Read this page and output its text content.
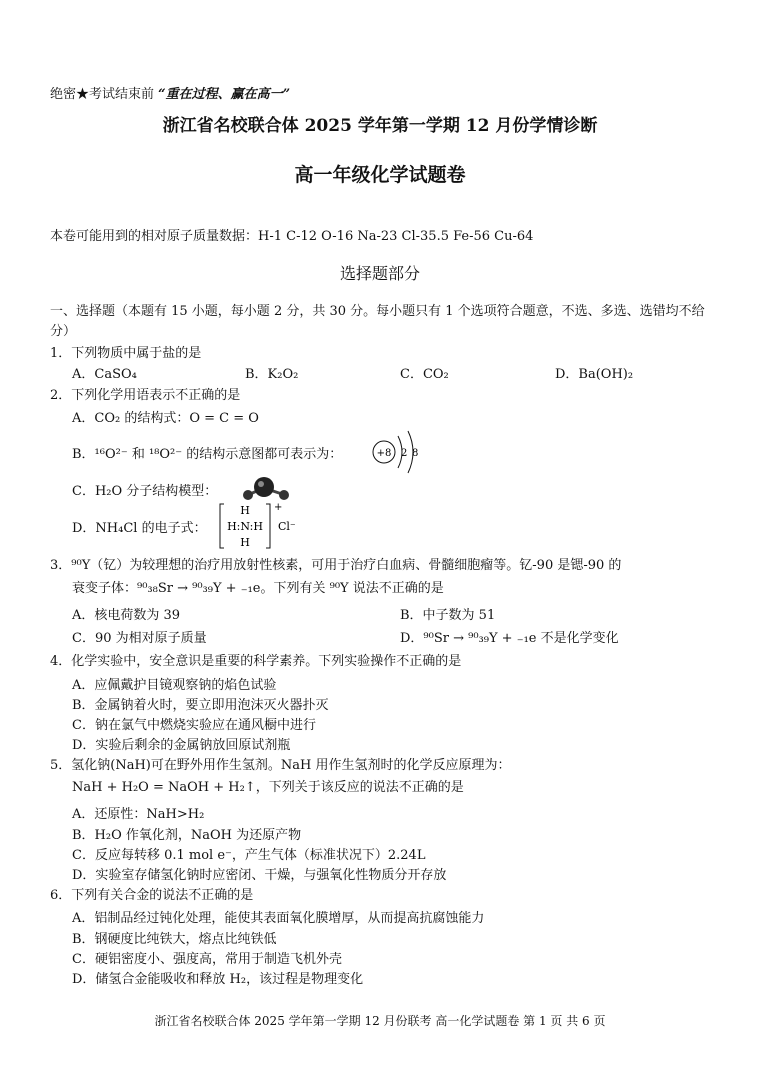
绝密★考试结束前 “重在过程、赢在高一”
浙江省名校联合体 2025 学年第一学期 12 月份学情诊断
高一年级化学试题卷
本卷可能用到的相对原子质量数据：H-1 C-12 O-16 Na-23 Cl-35.5 Fe-56 Cu-64
选择题部分
一、选择题（本题有 15 小题，每小题 2 分，共 30 分。每小题只有 1 个选项符合题意，不选、多选、选错均不给分）
1．下列物质中属于盐的是
A．CaSO₄	B．K₂O₂	C．CO₂	D．Ba(OH)₂
2．下列化学用语表示不正确的是
A．CO₂ 的结构式：O = C = O
B．¹⁶O²⁻ 和 ¹⁸O²⁻ 的结构示意图都可表示为：	+8 2 8
C．H₂O 分子结构模型：
D．NH₄Cl 的电子式：
H
H:N:H
H
+
Cl⁻
3．⁹⁰Y（钇）为较理想的治疗用放射性核素，可用于治疗白血病、骨髓细胞瘤等。钇-90 是锶-90 的
衰变子体：⁹⁰₃₈Sr → ⁹⁰₃₉Y + ₋₁e。下列有关 ⁹⁰Y 说法不正确的是
A．核电荷数为 39	B．中子数为 51
C．90 为相对原子质量	D．⁹⁰Sr → ⁹⁰₃₉Y + ₋₁e 不是化学变化
4．化学实验中，安全意识是重要的科学素养。下列实验操作不正确的是
A．应佩戴护目镜观察钠的焰色试验
B．金属钠着火时，要立即用泡沫灭火器扑灭
C．钠在氯气中燃烧实验应在通风橱中进行
D．实验后剩余的金属钠放回原试剂瓶
5．氢化钠(NaH)可在野外用作生氢剂。NaH 用作生氢剂时的化学反应原理为：
NaH + H₂O = NaOH + H₂↑，下列关于该反应的说法不正确的是
A．还原性：NaH>H₂
B．H₂O 作氧化剂，NaOH 为还原产物
C．反应每转移 0.1 mol e⁻，产生气体（标准状况下）2.24L
D．实验室存储氢化钠时应密闭、干燥，与强氧化性物质分开存放
6．下列有关合金的说法不正确的是
A．铝制品经过钝化处理，能使其表面氧化膜增厚，从而提高抗腐蚀能力
B．钢硬度比纯铁大，熔点比纯铁低
C．硬铝密度小、强度高，常用于制造飞机外壳
D．储氢合金能吸收和释放 H₂，该过程是物理变化
浙江省名校联合体 2025 学年第一学期 12 月份联考 高一化学试题卷 第 1 页 共 6 页
